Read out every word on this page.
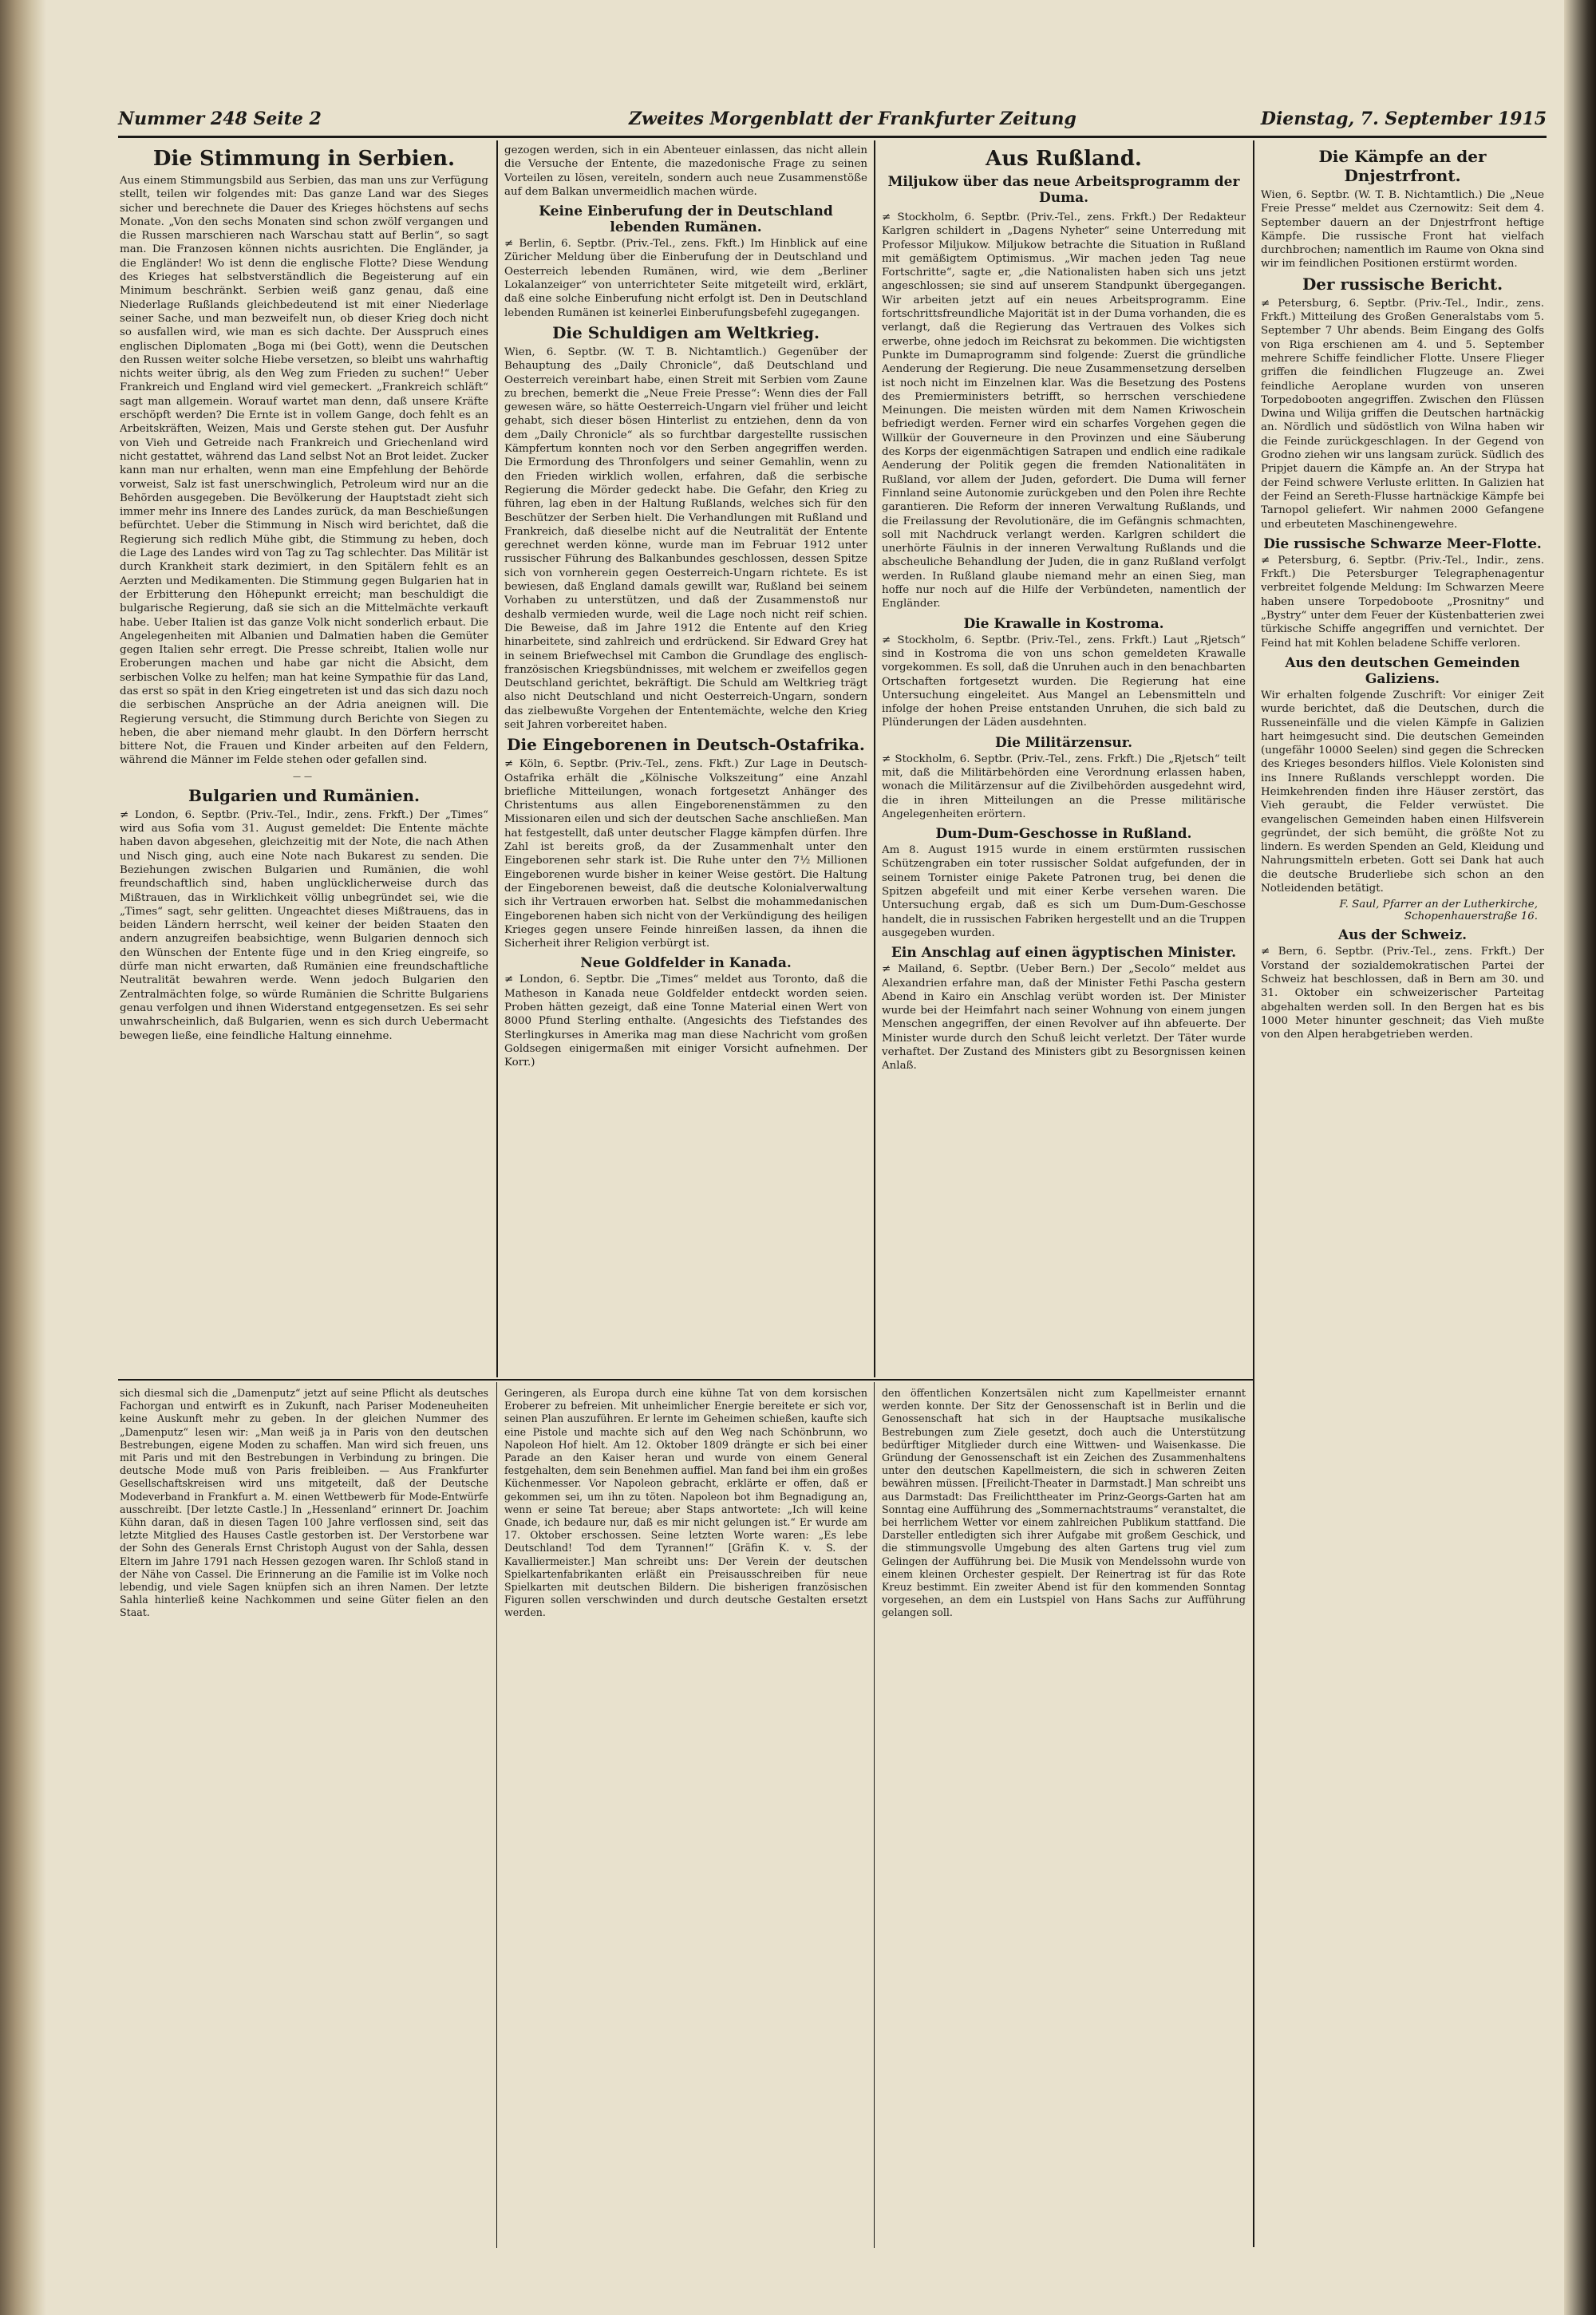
Nummer 248 Seite 2	Zweites Morgenblatt der Frankfurter Zeitung	Dienstag, 7. September 1915
Die Stimmung in Serbien.

Aus einem Stimmungsbild aus Serbien, das man uns zur Verfügung stellt, teilen wir folgendes mit: Das ganze Land war des Sieges sicher und berechnete die Dauer des Krieges höchstens auf sechs Monate. „Von den sechs Monaten sind schon zwölf vergangen und die Russen marschieren nach Warschau statt auf Berlin“, so sagt man. Die Franzosen können nichts ausrichten. Die Engländer, ja die Engländer! Wo ist denn die englische Flotte? Diese Wendung des Krieges hat selbstverständlich die Begeisterung auf ein Minimum beschränkt. Serbien weiß ganz genau, daß eine Niederlage Rußlands gleichbedeutend ist mit einer Niederlage seiner Sache, und man bezweifelt nun, ob dieser Krieg doch nicht so ausfallen wird, wie man es sich dachte. Der Ausspruch eines englischen Diplomaten „Boga mi (bei Gott), wenn die Deutschen den Russen weiter solche Hiebe versetzen, so bleibt uns wahrhaftig nichts weiter übrig, als den Weg zum Frieden zu suchen!“ Ueber Frankreich und England wird viel gemeckert. „Frankreich schläft“ sagt man allgemein. Worauf wartet man denn, daß unsere Kräfte erschöpft werden? Die Ernte ist in vollem Gange, doch fehlt es an Arbeitskräften, Weizen, Mais und Gerste stehen gut. Der Ausfuhr von Vieh und Getreide nach Frankreich und Griechenland wird nicht gestattet, während das Land selbst Not an Brot leidet. Zucker kann man nur erhalten, wenn man eine Empfehlung der Behörde vorweist, Salz ist fast unerschwinglich, Petroleum wird nur an die Behörden ausgegeben. Die Bevölkerung der Hauptstadt zieht sich immer mehr ins Innere des Landes zurück, da man Beschießungen befürchtet. Ueber die Stimmung in Nisch wird berichtet, daß die Regierung sich redlich Mühe gibt, die Stimmung zu heben, doch die Lage des Landes wird von Tag zu Tag schlechter. Das Militär ist durch Krankheit stark dezimiert, in den Spitälern fehlt es an Aerzten und Medikamenten. Die Stimmung gegen Bulgarien hat in der Erbitterung den Höhepunkt erreicht; man beschuldigt die bulgarische Regierung, daß sie sich an die Mittelmächte verkauft habe. Ueber Italien ist das ganze Volk nicht sonderlich erbaut. Die Angelegenheiten mit Albanien und Dalmatien haben die Gemüter gegen Italien sehr erregt. Die Presse schreibt, Italien wolle nur Eroberungen machen und habe gar nicht die Absicht, dem serbischen Volke zu helfen; man hat keine Sympathie für das Land, das erst so spät in den Krieg eingetreten ist und das sich dazu noch die serbischen Ansprüche an der Adria aneignen will. Die Regierung versucht, die Stimmung durch Berichte von Siegen zu heben, die aber niemand mehr glaubt. In den Dörfern herrscht bittere Not, die Frauen und Kinder arbeiten auf den Feldern, während die Männer im Felde stehen oder gefallen sind.

——
Bulgarien und Rumänien.

≠ London, 6. Septbr. (Priv.-Tel., Indir., zens. Frkft.) Der „Times“ wird aus Sofia vom 31. August gemeldet: Die Entente mächte haben davon abgesehen, gleichzeitig mit der Note, die nach Athen und Nisch ging, auch eine Note nach Bukarest zu senden. Die Beziehungen zwischen Bulgarien und Rumänien, die wohl freundschaftlich sind, haben unglücklicherweise durch das Mißtrauen, das in Wirklichkeit völlig unbegründet sei, wie die „Times“ sagt, sehr gelitten. Ungeachtet dieses Mißtrauens, das in beiden Ländern herrscht, weil keiner der beiden Staaten den andern anzugreifen beabsichtige, wenn Bulgarien dennoch sich den Wünschen der Entente füge und in den Krieg eingreife, so dürfe man nicht erwarten, daß Rumänien eine freundschaftliche Neutralität bewahren werde. Wenn jedoch Bulgarien den Zentralmächten folge, so würde Rumänien die Schritte Bulgariens genau verfolgen und ihnen Widerstand entgegensetzen. Es sei sehr unwahrscheinlich, daß Bulgarien, wenn es sich durch Uebermacht bewegen ließe, eine feindliche Haltung einnehme.

gezogen werden, sich in ein Abenteuer einlassen, das nicht allein die Versuche der Entente, die mazedonische Frage zu seinen Vorteilen zu lösen, vereiteln, sondern auch neue Zusammenstöße auf dem Balkan unvermeidlich machen würde.

Keine Einberufung der in Deutschland lebenden Rumänen.

≠ Berlin, 6. Septbr. (Priv.-Tel., zens. Fkft.) Im Hinblick auf eine Züricher Meldung über die Einberufung der in Deutschland und Oesterreich lebenden Rumänen, wird, wie dem „Berliner Lokalanzeiger“ von unterrichteter Seite mitgeteilt wird, erklärt, daß eine solche Einberufung nicht erfolgt ist. Den in Deutschland lebenden Rumänen ist keinerlei Einberufungsbefehl zugegangen.

Die Schuldigen am Weltkrieg.

Wien, 6. Septbr. (W. T. B. Nichtamtlich.) Gegenüber der Behauptung des „Daily Chronicle“, daß Deutschland und Oesterreich vereinbart habe, einen Streit mit Serbien vom Zaune zu brechen, bemerkt die „Neue Freie Presse“: Wenn dies der Fall gewesen wäre, so hätte Oesterreich-Ungarn viel früher und leicht gehabt, sich dieser bösen Hinterlist zu entziehen, denn da von dem „Daily Chronicle“ als so furchtbar dargestellte russischen Kämpfertum konnten noch vor den Serben angegriffen werden. Die Ermordung des Thronfolgers und seiner Gemahlin, wenn zu den Frieden wirklich wollen, erfahren, daß die serbische Regierung die Mörder gedeckt habe. Die Gefahr, den Krieg zu führen, lag eben in der Haltung Rußlands, welches sich für den Beschützer der Serben hielt. Die Verhandlungen mit Rußland und Frankreich, daß dieselbe nicht auf die Neutralität der Entente gerechnet werden könne, wurde man im Februar 1912 unter russischer Führung des Balkanbundes geschlossen, dessen Spitze sich von vornherein gegen Oesterreich-Ungarn richtete. Es ist bewiesen, daß England damals gewillt war, Rußland bei seinem Vorhaben zu unterstützen, und daß der Zusammenstoß nur deshalb vermieden wurde, weil die Lage noch nicht reif schien. Die Beweise, daß im Jahre 1912 die Entente auf den Krieg hinarbeitete, sind zahlreich und erdrückend. Sir Edward Grey hat in seinem Briefwechsel mit Cambon die Grundlage des englisch-französischen Kriegsbündnisses, mit welchem er zweifellos gegen Deutschland gerichtet, bekräftigt. Die Schuld am Weltkrieg trägt also nicht Deutschland und nicht Oesterreich-Ungarn, sondern das zielbewußte Vorgehen der Ententemächte, welche den Krieg seit Jahren vorbereitet haben.

Die Eingeborenen in Deutsch-Ostafrika.

≠ Köln, 6. Septbr. (Priv.-Tel., zens. Fkft.) Zur Lage in Deutsch-Ostafrika erhält die „Kölnische Volkszeitung“ eine Anzahl briefliche Mitteilungen, wonach fortgesetzt Anhänger des Christentums aus allen Eingeborenenstämmen zu den Missionaren eilen und sich der deutschen Sache anschließen. Man hat festgestellt, daß unter deutscher Flagge kämpfen dürfen. Ihre Zahl ist bereits groß, da der Zusammenhalt unter den Eingeborenen sehr stark ist. Die Ruhe unter den 7½ Millionen Eingeborenen wurde bisher in keiner Weise gestört. Die Haltung der Eingeborenen beweist, daß die deutsche Kolonialverwaltung sich ihr Vertrauen erworben hat. Selbst die mohammedanischen Eingeborenen haben sich nicht von der Verkündigung des heiligen Krieges gegen unsere Feinde hinreißen lassen, da ihnen die Sicherheit ihrer Religion verbürgt ist.

Neue Goldfelder in Kanada.

≠ London, 6. Septbr. Die „Times“ meldet aus Toronto, daß die Matheson in Kanada neue Goldfelder entdeckt worden seien. Proben hätten gezeigt, daß eine Tonne Material einen Wert von 8000 Pfund Sterling enthalte. (Angesichts des Tiefstandes des Sterlingkurses in Amerika mag man diese Nachricht vom großen Goldsegen einigermaßen mit einiger Vorsicht aufnehmen. Der Korr.)

Aus Rußland.
Miljukow über das neue Arbeitsprogramm der Duma.

≠ Stockholm, 6. Septbr. (Priv.-Tel., zens. Frkft.) Der Redakteur Karlgren schildert in „Dagens Nyheter“ seine Unterredung mit Professor Miljukow. Miljukow betrachte die Situation in Rußland mit gemäßigtem Optimismus. „Wir machen jeden Tag neue Fortschritte“, sagte er, „die Nationalisten haben sich uns jetzt angeschlossen; sie sind auf unserem Standpunkt übergegangen. Wir arbeiten jetzt auf ein neues Arbeitsprogramm. Eine fortschrittsfreundliche Majorität ist in der Duma vorhanden, die es verlangt, daß die Regierung das Vertrauen des Volkes sich erwerbe, ohne jedoch im Reichsrat zu bekommen. Die wichtigsten Punkte im Dumaprogramm sind folgende: Zuerst die gründliche Aenderung der Regierung. Die neue Zusammensetzung derselben ist noch nicht im Einzelnen klar. Was die Besetzung des Postens des Premierministers betrifft, so herrschen verschiedene Meinungen. Die meisten würden mit dem Namen Kriwoschein befriedigt werden. Ferner wird ein scharfes Vorgehen gegen die Willkür der Gouverneure in den Provinzen und eine Säuberung des Korps der eigenmächtigen Satrapen und endlich eine radikale Aenderung der Politik gegen die fremden Nationalitäten in Rußland, vor allem der Juden, gefordert. Die Duma will ferner Finnland seine Autonomie zurückgeben und den Polen ihre Rechte garantieren. Die Reform der inneren Verwaltung Rußlands, und die Freilassung der Revolutionäre, die im Gefängnis schmachten, soll mit Nachdruck verlangt werden. Karlgren schildert die unerhörte Fäulnis in der inneren Verwaltung Rußlands und die abscheuliche Behandlung der Juden, die in ganz Rußland verfolgt werden. In Rußland glaube niemand mehr an einen Sieg, man hoffe nur noch auf die Hilfe der Verbündeten, namentlich der Engländer.

Die Krawalle in Kostroma.

≠ Stockholm, 6. Septbr. (Priv.-Tel., zens. Frkft.) Laut „Rjetsch“ sind in Kostroma die von uns schon gemeldeten Krawalle vorgekommen. Es soll, daß die Unruhen auch in den benachbarten Ortschaften fortgesetzt wurden. Die Regierung hat eine Untersuchung eingeleitet. Aus Mangel an Lebensmitteln und infolge der hohen Preise entstanden Unruhen, die sich bald zu Plünderungen der Läden ausdehnten.

Die Militärzensur.

≠ Stockholm, 6. Septbr. (Priv.-Tel., zens. Frkft.) Die „Rjetsch“ teilt mit, daß die Militärbehörden eine Verordnung erlassen haben, wonach die Militärzensur auf die Zivilbehörden ausgedehnt wird, die in ihren Mitteilungen an die Presse militärische Angelegenheiten erörtern.

Dum-Dum-Geschosse in Rußland.

Am 8. August 1915 wurde in einem erstürmten russischen Schützengraben ein toter russischer Soldat aufgefunden, der in seinem Tornister einige Pakete Patronen trug, bei denen die Spitzen abgefeilt und mit einer Kerbe versehen waren. Die Untersuchung ergab, daß es sich um Dum-Dum-Geschosse handelt, die in russischen Fabriken hergestellt und an die Truppen ausgegeben wurden.

Ein Anschlag auf einen ägyptischen Minister.

≠ Mailand, 6. Septbr. (Ueber Bern.) Der „Secolo“ meldet aus Alexandrien erfahre man, daß der Minister Fethi Pascha gestern Abend in Kairo ein Anschlag verübt worden ist. Der Minister wurde bei der Heimfahrt nach seiner Wohnung von einem jungen Menschen angegriffen, der einen Revolver auf ihn abfeuerte. Der Minister wurde durch den Schuß leicht verletzt. Der Täter wurde verhaftet. Der Zustand des Ministers gibt zu Besorgnissen keinen Anlaß.

Die Kämpfe an der Dnjestrfront.

Wien, 6. Septbr. (W. T. B. Nichtamtlich.) Die „Neue Freie Presse“ meldet aus Czernowitz: Seit dem 4. September dauern an der Dnjestrfront heftige Kämpfe. Die russische Front hat vielfach durchbrochen; namentlich im Raume von Okna sind wir im feindlichen Positionen erstürmt worden.

Der russische Bericht.

≠ Petersburg, 6. Septbr. (Priv.-Tel., Indir., zens. Frkft.) Mitteilung des Großen Generalstabs vom 5. September 7 Uhr abends. Beim Eingang des Golfs von Riga erschienen am 4. und 5. September mehrere Schiffe feindlicher Flotte. Unsere Flieger griffen die feindlichen Flugzeuge an. Zwei feindliche Aeroplane wurden von unseren Torpedobooten angegriffen. Zwischen den Flüssen Dwina und Wilija griffen die Deutschen hartnäckig an. Nördlich und südöstlich von Wilna haben wir die Feinde zurückgeschlagen. In der Gegend von Grodno ziehen wir uns langsam zurück. Südlich des Pripjet dauern die Kämpfe an. An der Strypa hat der Feind schwere Verluste erlitten. In Galizien hat der Feind an Sereth-Flusse hartnäckige Kämpfe bei Tarnopol geliefert. Wir nahmen 2000 Gefangene und erbeuteten Maschinengewehre.

Die russische Schwarze Meer-Flotte.

≠ Petersburg, 6. Septbr. (Priv.-Tel., Indir., zens. Frkft.) Die Petersburger Telegraphenagentur verbreitet folgende Meldung: Im Schwarzen Meere haben unsere Torpedoboote „Prosnitny“ und „Bystry“ unter dem Feuer der Küstenbatterien zwei türkische Schiffe angegriffen und vernichtet. Der Feind hat mit Kohlen beladene Schiffe verloren.

Aus den deutschen Gemeinden Galiziens.

Wir erhalten folgende Zuschrift: Vor einiger Zeit wurde berichtet, daß die Deutschen, durch die Russeneinfälle und die vielen Kämpfe in Galizien hart heimgesucht sind. Die deutschen Gemeinden (ungefähr 10000 Seelen) sind gegen die Schrecken des Krieges besonders hilflos. Viele Kolonisten sind ins Innere Rußlands verschleppt worden. Die Heimkehrenden finden ihre Häuser zerstört, das Vieh geraubt, die Felder verwüstet. Die evangelischen Gemeinden haben einen Hilfsverein gegründet, der sich bemüht, die größte Not zu lindern. Es werden Spenden an Geld, Kleidung und Nahrungsmitteln erbeten. Gott sei Dank hat auch die deutsche Bruderliebe sich schon an den Notleidenden betätigt.

F. Saul, Pfarrer an der Lutherkirche, Schopenhauerstraße 16.
Aus der Schweiz.

≠ Bern, 6. Septbr. (Priv.-Tel., zens. Frkft.) Der Vorstand der sozialdemokratischen Partei der Schweiz hat beschlossen, daß in Bern am 30. und 31. Oktober ein schweizerischer Parteitag abgehalten werden soll. In den Bergen hat es bis 1000 Meter hinunter geschneit; das Vieh mußte von den Alpen herabgetrieben werden.

sich diesmal sich die „Damenputz“ jetzt auf seine Pflicht als deutsches Fachorgan und entwirft es in Zukunft, nach Pariser Modeneuheiten keine Auskunft mehr zu geben. In der gleichen Nummer des „Damenputz“ lesen wir: „Man weiß ja in Paris von den deutschen Bestrebungen, eigene Moden zu schaffen. Man wird sich freuen, uns mit Paris und mit den Bestrebungen in Verbindung zu bringen. Die deutsche Mode muß von Paris freibleiben. — Aus Frankfurter Gesellschaftskreisen wird uns mitgeteilt, daß der Deutsche Modeverband in Frankfurt a. M. einen Wettbewerb für Mode-Entwürfe ausschreibt. [Der letzte Castle.] In „Hessenland“ erinnert Dr. Joachim Kühn daran, daß in diesen Tagen 100 Jahre verflossen sind, seit das letzte Mitglied des Hauses Castle gestorben ist. Der Verstorbene war der Sohn des Generals Ernst Christoph August von der Sahla, dessen Eltern im Jahre 1791 nach Hessen gezogen waren. Ihr Schloß stand in der Nähe von Cassel. Die Erinnerung an die Familie ist im Volke noch lebendig, und viele Sagen knüpfen sich an ihren Namen. Der letzte Sahla hinterließ keine Nachkommen und seine Güter fielen an den Staat.

Geringeren, als Europa durch eine kühne Tat von dem korsischen Eroberer zu befreien. Mit unheimlicher Energie bereitete er sich vor, seinen Plan auszuführen. Er lernte im Geheimen schießen, kaufte sich eine Pistole und machte sich auf den Weg nach Schönbrunn, wo Napoleon Hof hielt. Am 12. Oktober 1809 drängte er sich bei einer Parade an den Kaiser heran und wurde von einem General festgehalten, dem sein Benehmen auffiel. Man fand bei ihm ein großes Küchenmesser. Vor Napoleon gebracht, erklärte er offen, daß er gekommen sei, um ihn zu töten. Napoleon bot ihm Begnadigung an, wenn er seine Tat bereue; aber Staps antwortete: „Ich will keine Gnade, ich bedaure nur, daß es mir nicht gelungen ist.“ Er wurde am 17. Oktober erschossen. Seine letzten Worte waren: „Es lebe Deutschland! Tod dem Tyrannen!“ [Gräfin K. v. S. der Kavalliermeister.] Man schreibt uns: Der Verein der deutschen Spielkartenfabrikanten erläßt ein Preisausschreiben für neue Spielkarten mit deutschen Bildern. Die bisherigen französischen Figuren sollen verschwinden und durch deutsche Gestalten ersetzt werden.

den öffentlichen Konzertsälen nicht zum Kapellmeister ernannt werden konnte. Der Sitz der Genossenschaft ist in Berlin und die Genossenschaft hat sich in der Hauptsache musikalische Bestrebungen zum Ziele gesetzt, doch auch die Unterstützung bedürftiger Mitglieder durch eine Wittwen- und Waisenkasse. Die Gründung der Genossenschaft ist ein Zeichen des Zusammenhaltens unter den deutschen Kapellmeistern, die sich in schweren Zeiten bewähren müssen. [Freilicht-Theater in Darmstadt.] Man schreibt uns aus Darmstadt: Das Freilichttheater im Prinz-Georgs-Garten hat am Sonntag eine Aufführung des „Sommernachtstraums“ veranstaltet, die bei herrlichem Wetter vor einem zahlreichen Publikum stattfand. Die Darsteller entledigten sich ihrer Aufgabe mit großem Geschick, und die stimmungsvolle Umgebung des alten Gartens trug viel zum Gelingen der Aufführung bei. Die Musik von Mendelssohn wurde von einem kleinen Orchester gespielt. Der Reinertrag ist für das Rote Kreuz bestimmt. Ein zweiter Abend ist für den kommenden Sonntag vorgesehen, an dem ein Lustspiel von Hans Sachs zur Aufführung gelangen soll.
